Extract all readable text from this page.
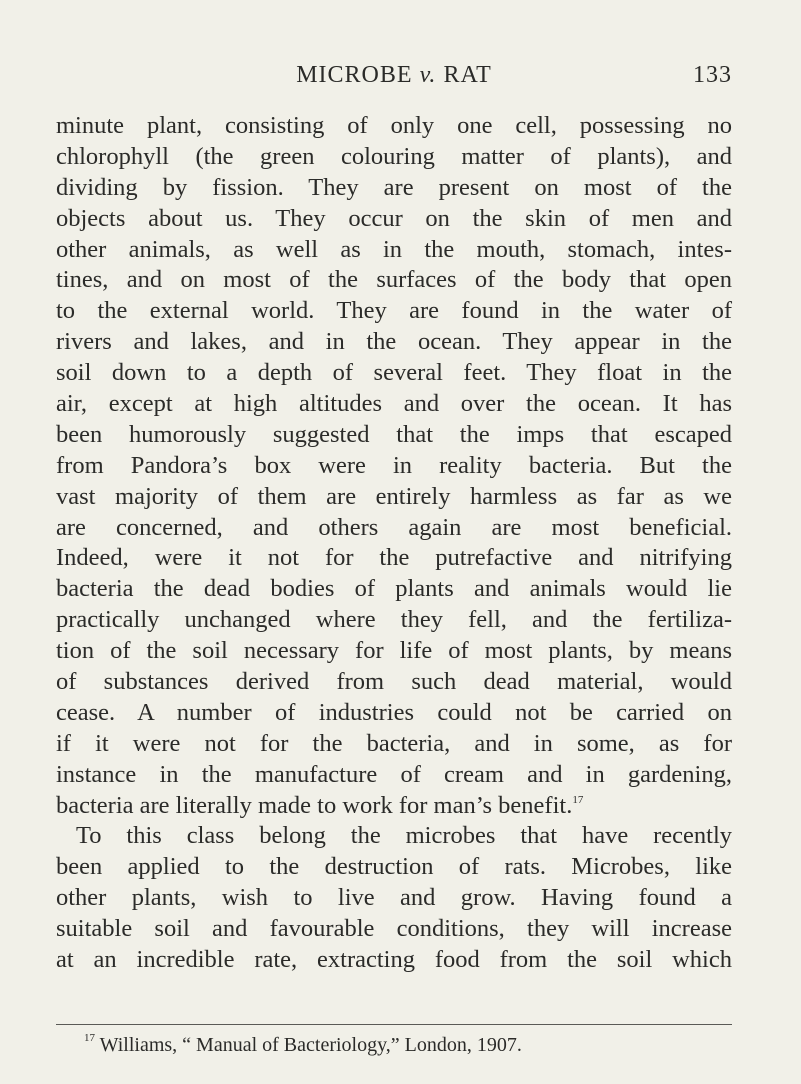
MICROBE v. RAT	133
minute plant, consisting of only one cell, possessing no
chlorophyll (the green colouring matter of plants), and
dividing by fission. They are present on most of the
objects about us. They occur on the skin of men and
other animals, as well as in the mouth, stomach, intes-
tines, and on most of the surfaces of the body that open
to the external world. They are found in the water of
rivers and lakes, and in the ocean. They appear in the
soil down to a depth of several feet. They float in the
air, except at high altitudes and over the ocean. It has
been humorously suggested that the imps that escaped
from Pandora’s box were in reality bacteria. But the
vast majority of them are entirely harmless as far as we
are concerned, and others again are most beneficial.
Indeed, were it not for the putrefactive and nitrifying
bacteria the dead bodies of plants and animals would lie
practically unchanged where they fell, and the fertiliza-
tion of the soil necessary for life of most plants, by means
of substances derived from such dead material, would
cease. A number of industries could not be carried on
if it were not for the bacteria, and in some, as for
instance in the manufacture of cream and in gardening,
bacteria are literally made to work for man’s benefit.$^{17}$
To this class belong the microbes that have recently
been applied to the destruction of rats. Microbes, like
other plants, wish to live and grow. Having found a
suitable soil and favourable conditions, they will increase
at an incredible rate, extracting food from the soil which
$^{17}$ Williams, “ Manual of Bacteriology,” London, 1907.
